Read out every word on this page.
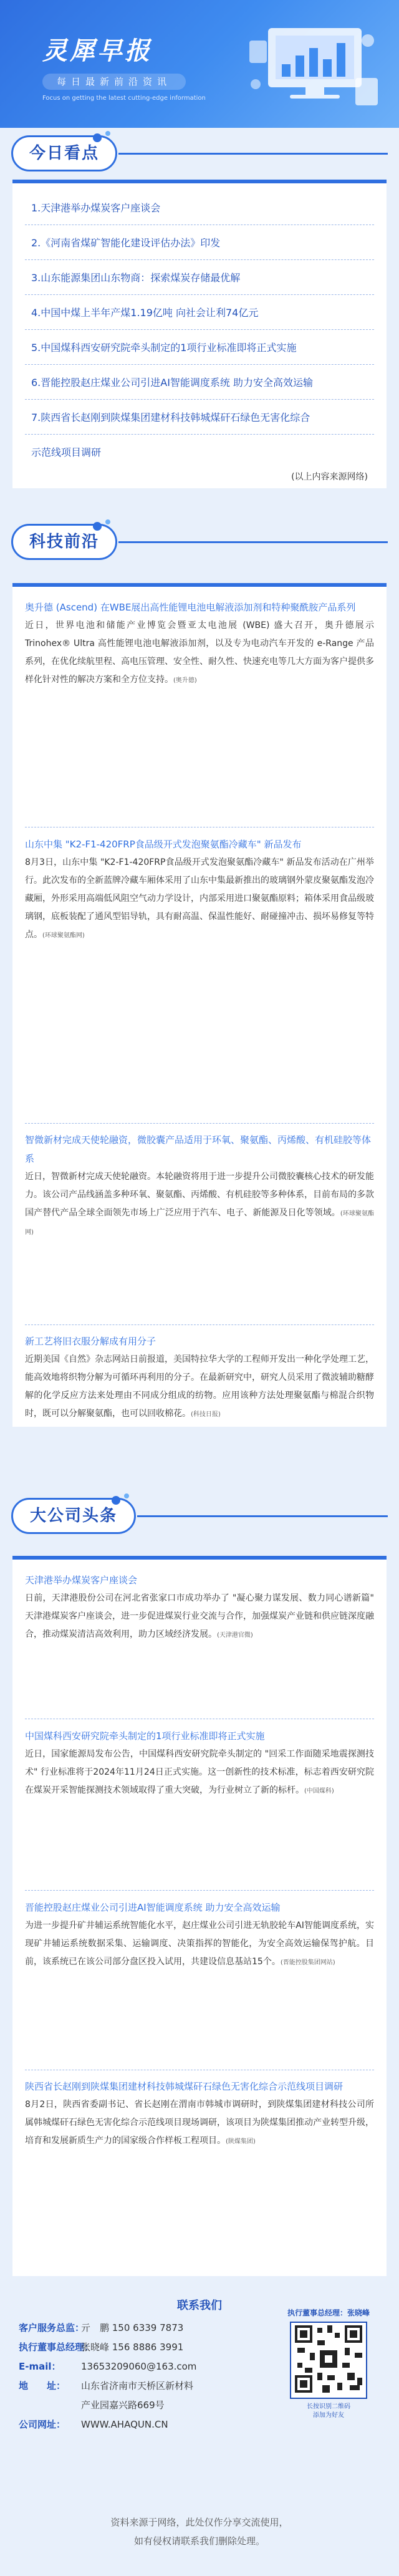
灵犀早报
每日最新前沿资讯
Focus on getting the latest cutting-edge information
今日看点
1.天津港举办煤炭客户座谈会
2.《河南省煤矿智能化建设评估办法》印发
3.山东能源集团山东物商：探索煤炭存储最优解
4.中国中煤上半年产煤1.19亿吨 向社会让利74亿元
5.中国煤科西安研究院牵头制定的1项行业标准即将正式实施
6.晋能控股赵庄煤业公司引进AI智能调度系统 助力安全高效运输
7.陕西省长赵刚到陕煤集团建材科技韩城煤矸石绿色无害化综合
示范线项目调研
(以上内容来源网络)
科技前沿
奥升德 (Ascend) 在WBE展出高性能锂电池电解液添加剂和特种聚酰胺产品系列
近日，世界电池和储能产业博览会暨亚太电池展 (WBE) 盛大召开，奥升德展示 Trinohex® Ultra 高性能锂电池电解液添加剂，以及专为电动汽车开发的 e-Range 产品系列，在优化续航里程、高电压管理、安全性、耐久性、快速充电等几大方面为客户提供多样化针对性的解决方案和全方位支持。(奥升德)
山东中集 "K2-F1-420FRP食品级开式发泡聚氨酯冷藏车" 新品发布
8月3日，山东中集 "K2-F1-420FRP食品级开式发泡聚氨酯冷藏车" 新品发布活动在广州举行。此次发布的全新蓝牌冷藏车厢体采用了山东中集最新推出的玻璃钢外蒙皮聚氨酯发泡冷藏厢，外形采用高端低风阻空气动力学设计，内部采用进口聚氨酯原料；箱体采用食品级玻璃钢，底板装配了通风型铝导轨，具有耐高温、保温性能好、耐碰撞冲击、损坏易修复等特点。(环球聚氨酯网)
智微新材完成天使轮融资，微胶囊产品适用于环氧、聚氨酯、丙烯酸、有机硅胶等体系
近日，智微新材完成天使轮融资。本轮融资将用于进一步提升公司微胶囊核心技术的研发能力。该公司产品线涵盖多种环氧、聚氨酯、丙烯酸、有机硅胶等多种体系，目前布局的多款国产替代产品全球全面领先市场上广泛应用于汽车、电子、新能源及日化等领域。(环球聚氨酯网)
新工艺将旧衣服分解成有用分子
近期美国《自然》杂志网站日前报道，美国特拉华大学的工程师开发出一种化学处理工艺，能高效地将织物分解为可循环再利用的分子。在最新研究中，研究人员采用了微波辅助糖酵解的化学反应方法来处理由不同成分组成的纺物。应用该种方法处理聚氨酯与棉混合织物时，既可以分解聚氨酯，也可以回收棉花。(科技日报)
大公司头条
天津港举办煤炭客户座谈会
日前，天津港股份公司在河北省张家口市成功举办了 "凝心聚力谋发展、数力同心谱新篇" 天津港煤炭客户座谈会，进一步促进煤炭行业交流与合作，加强煤炭产业链和供应链深度融合，推动煤炭清洁高效利用，助力区域经济发展。(天津港官微)
中国煤科西安研究院牵头制定的1项行业标准即将正式实施
近日，国家能源局发布公告，中国煤科西安研究院牵头制定的 "回采工作面随采地震探测技术" 行业标准将于2024年11月24日正式实施。这一创新性的技术标准，标志着西安研究院在煤炭开采智能探测技术领域取得了重大突破，为行业树立了新的标杆。(中国煤科)
晋能控股赵庄煤业公司引进AI智能调度系统 助力安全高效运输
为进一步提升矿井辅运系统智能化水平，赵庄煤业公司引进无轨胶轮车AI智能调度系统，实现矿井辅运系统数据采集、运输调度、决策指挥的智能化，为安全高效运输保驾护航。目前，该系统已在该公司部分盘区投入试用，共建设信息基站15个。(晋能控股集团网站)
陕西省长赵刚到陕煤集团建材科技韩城煤矸石绿色无害化综合示范线项目调研
8月2日，陕西省委副书记、省长赵刚在渭南市韩城市调研时，到陕煤集团建材科技公司所属韩城煤矸石绿色无害化综合示范线项目现场调研，该项目为陕煤集团推动产业转型升级，培育和发展新质生产力的国家级合作样板工程项目。(陕煤集团)
联系我们
客户服务总监：亓　鹏 150 6339 7873
执行董事总经理：张晓峰 156 8886 3991
E-mail： 13653209060@163.com
地　　址： 山东省济南市天桥区新材料
产业园嘉兴路669号
公司网址： WWW.AHAQUN.CN
执行董事总经理：张晓峰
长按识别二维码
添加为好友
资料来源于网络，此处仅作分享交流使用，
如有侵权请联系我们删除处理。
